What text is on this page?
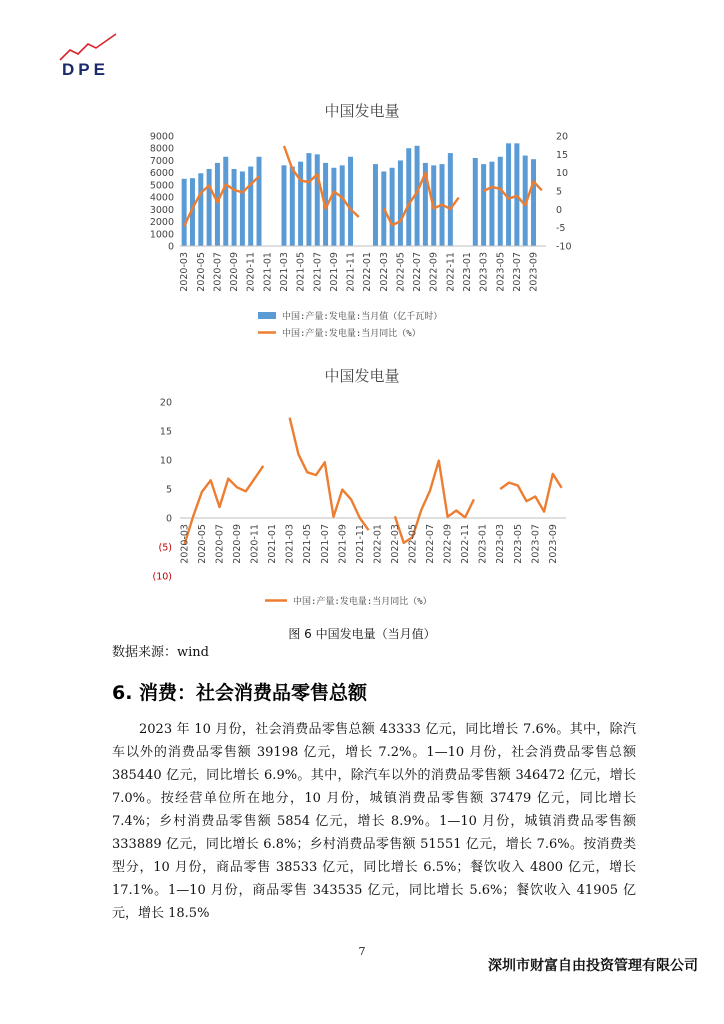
DPE
中国发电量
9000
8000
7000
6000
5000
4000
3000
2000
1000
0
20
15
10
5
0
-5
-10
2020-03 2020-05 2020-07 2020-09 2020-11 2021-01 2021-03 2021-05 2021-07 2021-09 2021-11 2022-01 2022-03 2022-05 2022-07 2022-09 2022-11 2023-01 2023-03 2023-05 2023-07 2023-09
中国:产量:发电量:当月值（亿千瓦时）
中国:产量:发电量:当月同比（%）
中国发电量
20
15
10
5
0
(5)
(10)
2020-03 2020-05 2020-07 2020-09 2020-11 2021-01 2021-03 2021-05 2021-07 2021-09 2021-11 2022-01 2022-03 2022-05 2022-07 2022-09 2022-11 2023-01 2023-03 2023-05 2023-07 2023-09
中国:产量:发电量:当月同比（%）
图 6 中国发电量（当月值）
数据来源：wind
6. 消费：社会消费品零售总额
2023 年 10 月份，社会消费品零售总额 43333 亿元，同比增长 7.6%。其中，除汽车以外的消费品零售额 39198 亿元，增长 7.2%。1—10 月份，社会消费品零售总额 385440 亿元，同比增长 6.9%。其中，除汽车以外的消费品零售额 346472 亿元，增长 7.0%。按经营单位所在地分，10 月份，城镇消费品零售额 37479 亿元，同比增长 7.4%；乡村消费品零售额 5854 亿元，增长 8.9%。1—10 月份，城镇消费品零售额 333889 亿元，同比增长 6.8%；乡村消费品零售额 51551 亿元，增长 7.6%。按消费类型分，10 月份，商品零售 38533 亿元，同比增长 6.5%；餐饮收入 4800 亿元，增长 17.1%。1—10 月份，商品零售 343535 亿元，同比增长 5.6%；餐饮收入 41905 亿元，增长 18.5%
7
深圳市财富自由投资管理有限公司
